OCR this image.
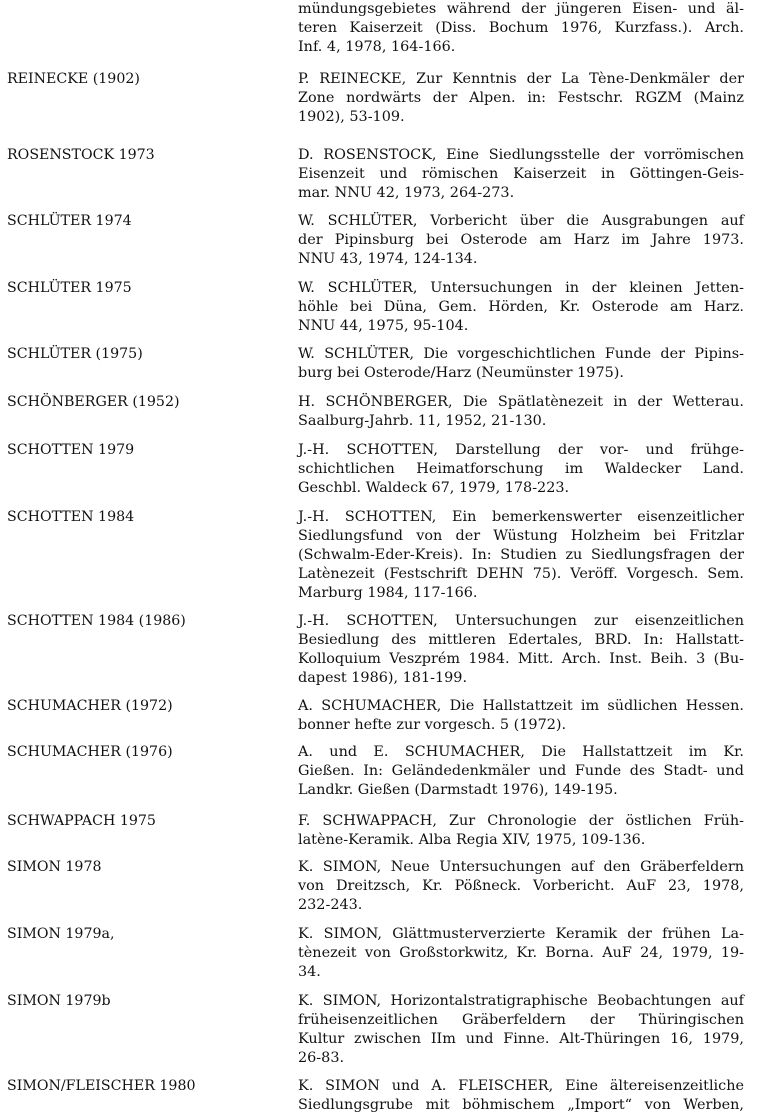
mündungsgebietes während der jüngeren Eisen- und äl-
teren Kaiserzeit (Diss. Bochum 1976, Kurzfass.). Arch.
Inf. 4, 1978, 164-166.
REINECKE (1902)	P. REINECKE, Zur Kenntnis der La Tène-Denkmäler der
Zone nordwärts der Alpen. in: Festschr. RGZM (Mainz
1902), 53-109.
ROSENSTOCK 1973	D. ROSENSTOCK, Eine Siedlungsstelle der vorrömischen
Eisenzeit und römischen Kaiserzeit in Göttingen-Geis-
mar. NNU 42, 1973, 264-273.
SCHLÜTER 1974	W. SCHLÜTER, Vorbericht über die Ausgrabungen auf
der Pipinsburg bei Osterode am Harz im Jahre 1973.
NNU 43, 1974, 124-134.
SCHLÜTER 1975	W. SCHLÜTER, Untersuchungen in der kleinen Jetten-
höhle bei Düna, Gem. Hörden, Kr. Osterode am Harz.
NNU 44, 1975, 95-104.
SCHLÜTER (1975)	W. SCHLÜTER, Die vorgeschichtlichen Funde der Pipins-
burg bei Osterode/Harz (Neumünster 1975).
SCHÖNBERGER (1952)	H. SCHÖNBERGER, Die Spätlatènezeit in der Wetterau.
Saalburg-Jahrb. 11, 1952, 21-130.
SCHOTTEN 1979	J.-H. SCHOTTEN, Darstellung der vor- und frühge-
schichtlichen Heimatforschung im Waldecker Land.
Geschbl. Waldeck 67, 1979, 178-223.
SCHOTTEN 1984	J.-H. SCHOTTEN, Ein bemerkenswerter eisenzeitlicher
Siedlungsfund von der Wüstung Holzheim bei Fritzlar
(Schwalm-Eder-Kreis). In: Studien zu Siedlungsfragen der
Latènezeit (Festschrift DEHN 75). Veröff. Vorgesch. Sem.
Marburg 1984, 117-166.
SCHOTTEN 1984 (1986)	J.-H. SCHOTTEN, Untersuchungen zur eisenzeitlichen
Besiedlung des mittleren Edertales, BRD. In: Hallstatt-
Kolloquium Veszprém 1984. Mitt. Arch. Inst. Beih. 3 (Bu-
dapest 1986), 181-199.
SCHUMACHER (1972)	A. SCHUMACHER, Die Hallstattzeit im südlichen Hessen.
bonner hefte zur vorgesch. 5 (1972).
SCHUMACHER (1976)	A. und E. SCHUMACHER, Die Hallstattzeit im Kr.
Gießen. In: Geländedenkmäler und Funde des Stadt- und
Landkr. Gießen (Darmstadt 1976), 149-195.
SCHWAPPACH 1975	F. SCHWAPPACH, Zur Chronologie der östlichen Früh-
latène-Keramik. Alba Regia XIV, 1975, 109-136.
SIMON 1978	K. SIMON, Neue Untersuchungen auf den Gräberfeldern
von Dreitzsch, Kr. Pößneck. Vorbericht. AuF 23, 1978,
232-243.
SIMON 1979a,	K. SIMON, Glättmusterverzierte Keramik der frühen La-
tènezeit von Großstorkwitz, Kr. Borna. AuF 24, 1979, 19-
34.
SIMON 1979b	K. SIMON, Horizontalstratigraphische Beobachtungen auf
früheisenzeitlichen Gräberfeldern der Thüringischen
Kultur zwischen IIm und Finne. Alt-Thüringen 16, 1979,
26-83.
SIMON/FLEISCHER 1980	K. SIMON und A. FLEISCHER, Eine ältereisenzeitliche
Siedlungsgrube mit böhmischem „Import“ von Werben,
